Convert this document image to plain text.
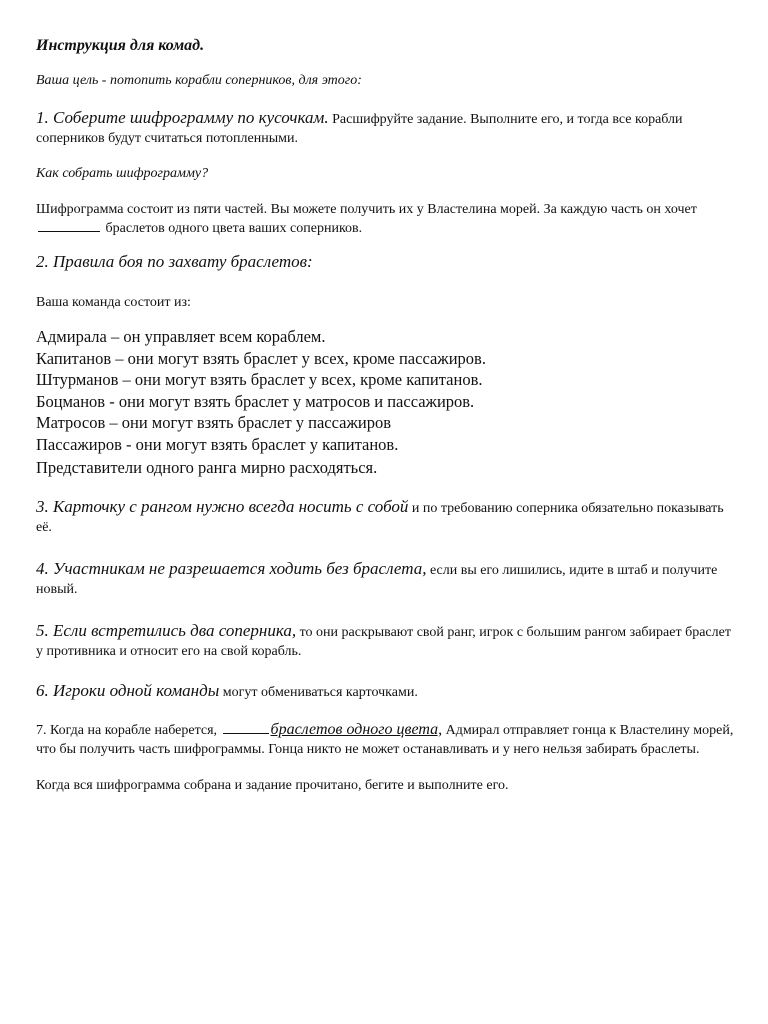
Инструкция для комад.

Ваша цель - потопить корабли соперников, для этого:

1. Соберите шифрограмму по кусочкам. Расшифруйте задание. Выполните его, и тогда все корабли соперников будут считаться потопленными.

Как собрать шифрограмму?

Шифрограмма состоит из пяти частей. Вы можете получить их у Властелина морей. За каждую часть он хочет  браслетов одного цвета ваших соперников.

2. Правила боя по захвату браслетов:

Ваша команда состоит из:

Адмирала – он управляет всем кораблем.

Капитанов – они могут взять браслет у всех, кроме пассажиров.

Штурманов – они могут взять браслет у всех, кроме капитанов.

Боцманов - они могут взять браслет у матросов и пассажиров.

Матросов – они могут взять браслет у пассажиров

Пассажиров - они могут взять браслет у капитанов.

Представители одного ранга мирно расходяться.

3. Карточку с рангом нужно всегда носить с собой и по требованию соперника обязательно показывать её.

4. Участникам не разрешается ходить без браслета, если вы его лишились, идите в штаб и получите новый.

5. Если встретились два соперника, то они раскрывают свой ранг, игрок с большим рангом забирает браслет у противника и относит его на свой корабль.

6. Игроки одной команды могут обмениваться карточками.

7. Когда на корабле наберется,	браслетов одного цвета, Адмирал отправляет гонца к Властелину морей, что бы получить часть шифрограммы. Гонца никто не может останавливать и у него нельзя забирать браслеты.

Когда вся шифрограмма собрана и задание прочитано, бегите и выполните его.
